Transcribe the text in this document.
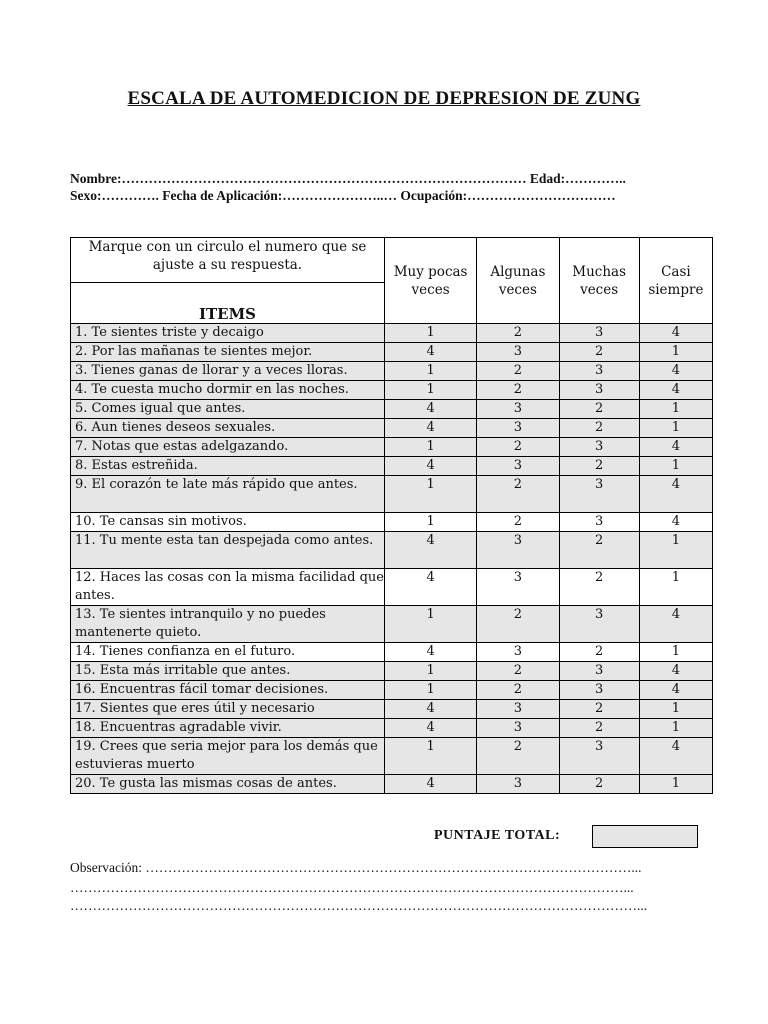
ESCALA DE AUTOMEDICION DE DEPRESION DE ZUNG
Nombre:……………………………………………………………………………… Edad:…………..
Sexo:…………. Fecha de Aplicación:…………………..… Ocupación:……………………………
Marque con un circulo el numero que se ajuste a su respuesta.	Muy pocas veces	Algunas veces	Muchas veces	Casi siempre
ITEMS				
1. Te sientes triste y decaigo	1	2	3	4
2. Por las mañanas te sientes mejor.	4	3	2	1
3. Tienes ganas de llorar y a veces lloras.	1	2	3	4
4. Te cuesta mucho dormir en las noches.	1	2	3	4
5. Comes igual que antes.	4	3	2	1
6. Aun tienes deseos sexuales.	4	3	2	1
7. Notas que estas adelgazando.	1	2	3	4
8. Estas estreñida.	4	3	2	1
9. El corazón te late más rápido que antes.	1	2	3	4
10. Te cansas sin motivos.	1	2	3	4
11. Tu mente esta tan despejada como antes.	4	3	2	1
12. Haces las cosas con la misma facilidad que antes.	4	3	2	1
13. Te sientes intranquilo y no puedes mantenerte quieto.	1	2	3	4
14. Tienes confianza en el futuro.	4	3	2	1
15. Esta más irritable que antes.	1	2	3	4
16. Encuentras fácil tomar decisiones.	1	2	3	4
17. Sientes que eres útil y necesario	4	3	2	1
18. Encuentras agradable vivir.	4	3	2	1
19. Crees que seria mejor para los demás que estuvieras muerto	1	2	3	4
20. Te gusta las mismas cosas de antes.	4	3	2	1
PUNTAJE TOTAL:
Observación: ………………………………………………………………………………………………...
……………………………………………………………………………………………………………...
………………………………………………………………………………………………………………...
